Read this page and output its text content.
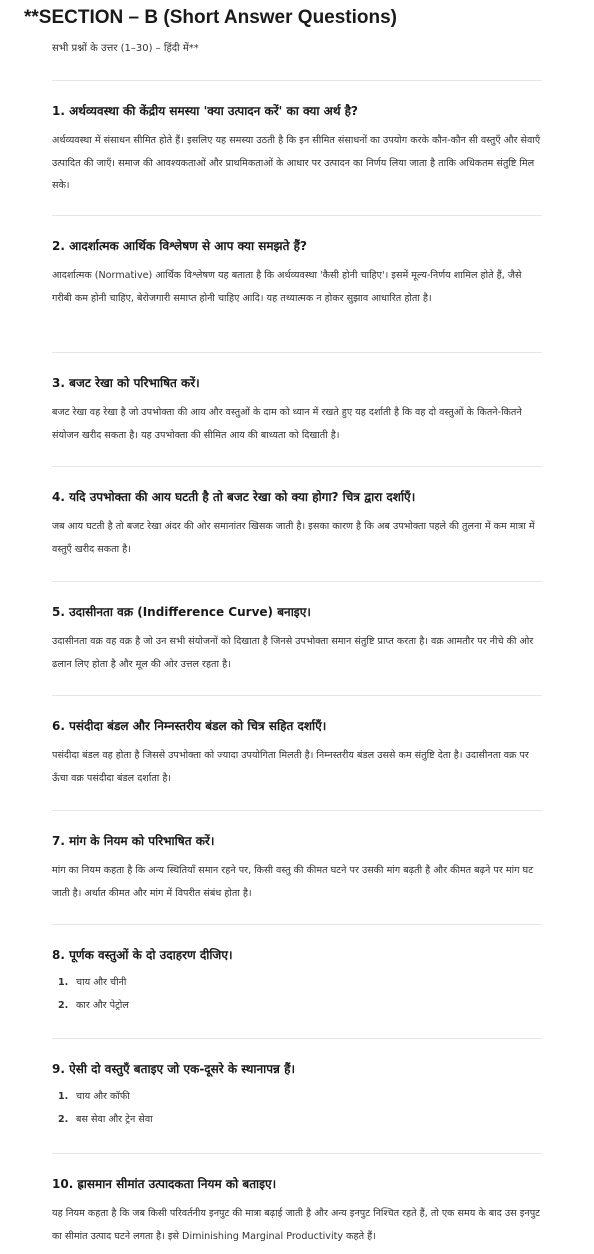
**SECTION – B (Short Answer Questions)

सभी प्रश्नों के उत्तर (1–30) – हिंदी में**

1. अर्थव्यवस्था की केंद्रीय समस्या 'क्या उत्पादन करें' का क्या अर्थ है?

अर्थव्यवस्था में संसाधन सीमित होते हैं। इसलिए यह समस्या उठती है कि इन सीमित संसाधनों का उपयोग करके कौन-कौन सी वस्तुएँ और सेवाएँ उत्पादित की जाएँ। समाज की आवश्यकताओं और प्राथमिकताओं के आधार पर उत्पादन का निर्णय लिया जाता है ताकि अधिकतम संतुष्टि मिल सके।

2. आदर्शात्मक आर्थिक विश्लेषण से आप क्या समझते हैं?

आदर्शात्मक (Normative) आर्थिक विश्लेषण यह बताता है कि अर्थव्यवस्था 'कैसी होनी चाहिए'। इसमें मूल्य-निर्णय शामिल होते हैं, जैसे गरीबी कम होनी चाहिए, बेरोजगारी समाप्त होनी चाहिए आदि। यह तथ्यात्मक न होकर सुझाव आधारित होता है।

3. बजट रेखा को परिभाषित करें।

बजट रेखा वह रेखा है जो उपभोक्ता की आय और वस्तुओं के दाम को ध्यान में रखते हुए यह दर्शाती है कि वह दो वस्तुओं के कितने-कितने संयोजन खरीद सकता है। यह उपभोक्ता की सीमित आय की बाध्यता को दिखाती है।

4. यदि उपभोक्ता की आय घटती है तो बजट रेखा को क्या होगा? चित्र द्वारा दर्शाएँ।

जब आय घटती है तो बजट रेखा अंदर की ओर समानांतर खिसक जाती है। इसका कारण है कि अब उपभोक्ता पहले की तुलना में कम मात्रा में वस्तुएँ खरीद सकता है।

5. उदासीनता वक्र (Indifference Curve) बनाइए।

उदासीनता वक्र वह वक्र है जो उन सभी संयोजनों को दिखाता है जिनसे उपभोक्ता समान संतुष्टि प्राप्त करता है। वक्र आमतौर पर नीचे की ओर ढलान लिए होता है और मूल की ओर उत्तल रहता है।

6. पसंदीदा बंडल और निम्नस्तरीय बंडल को चित्र सहित दर्शाएँ।

पसंदीदा बंडल वह होता है जिससे उपभोक्ता को ज्यादा उपयोगिता मिलती है। निम्नस्तरीय बंडल उससे कम संतुष्टि देता है। उदासीनता वक्र पर ऊँचा वक्र पसंदीदा बंडल दर्शाता है।

7. मांग के नियम को परिभाषित करें।

मांग का नियम कहता है कि अन्य स्थितियाँ समान रहने पर, किसी वस्तु की कीमत घटने पर उसकी मांग बढ़ती है और कीमत बढ़ने पर मांग घट जाती है। अर्थात कीमत और मांग में विपरीत संबंध होता है।

8. पूर्णक वस्तुओं के दो उदाहरण दीजिए।
1. चाय और चीनी
2. कार और पेट्रोल
9. ऐसी दो वस्तुएँ बताइए जो एक-दूसरे के स्थानापन्न हैं।
1. चाय और कॉफी
2. बस सेवा और ट्रेन सेवा
10. ह्रासमान सीमांत उत्पादकता नियम को बताइए।

यह नियम कहता है कि जब किसी परिवर्तनीय इनपुट की मात्रा बढ़ाई जाती है और अन्य इनपुट निश्चित रहते हैं, तो एक समय के बाद उस इनपुट का सीमांत उत्पाद घटने लगता है। इसे Diminishing Marginal Productivity कहते हैं।
